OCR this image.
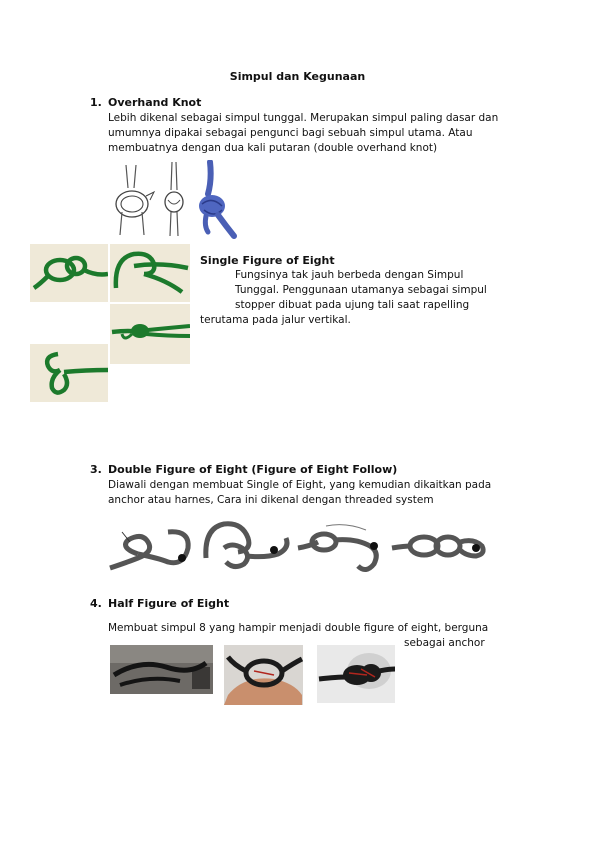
Simpul dan Kegunaan
1. Overhand Knot
Lebih dikenal sebagai simpul tunggal. Merupakan simpul paling dasar dan
umumnya dipakai sebagai pengunci bagi sebuah simpul utama. Atau
membuatnya dengan dua kali putaran (double overhand knot)
Single Figure of Eight
Fungsinya tak jauh berbeda dengan Simpul
Tunggal. Penggunaan utamanya sebagai simpul
stopper dibuat pada ujung tali saat rapelling
terutama pada jalur vertikal.
3. Double Figure of Eight (Figure of Eight Follow)
Diawali dengan membuat Single of Eight, yang kemudian dikaitkan pada
anchor atau harnes, Cara ini dikenal dengan threaded system
4. Half Figure of Eight
Membuat simpul 8 yang hampir menjadi double figure of eight, berguna
sebagai anchor
